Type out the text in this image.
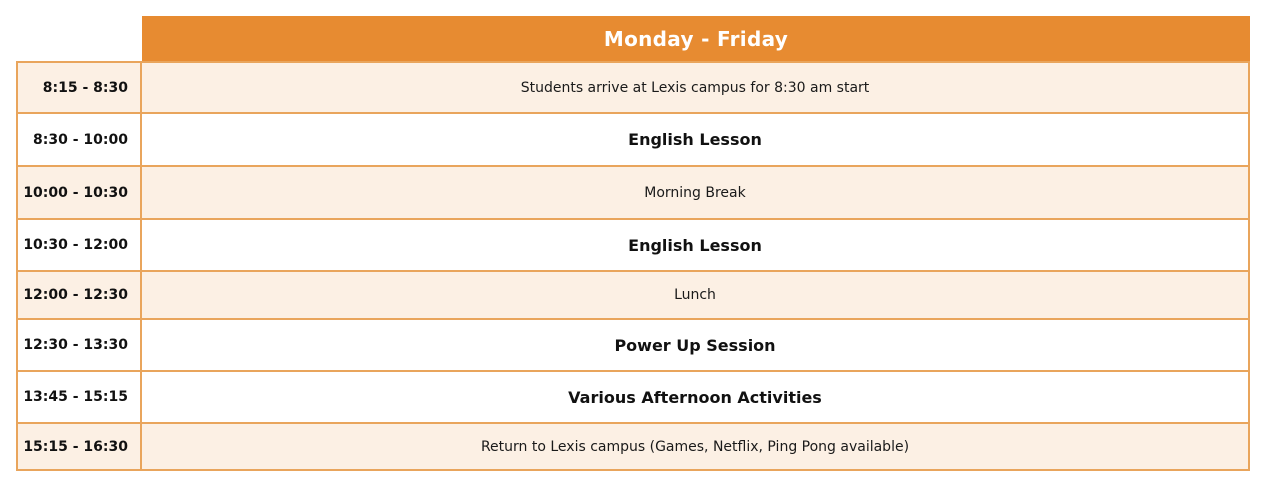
Monday - Friday
8:15 - 8:30	Students arrive at Lexis campus for 8:30 am start
8:30 - 10:00	English Lesson
10:00 - 10:30	Morning Break
10:30 - 12:00	English Lesson
12:00 - 12:30	Lunch
12:30 - 13:30	Power Up Session
13:45 - 15:15	Various Afternoon Activities
15:15 - 16:30	Return to Lexis campus (Games, Netflix, Ping Pong available)
